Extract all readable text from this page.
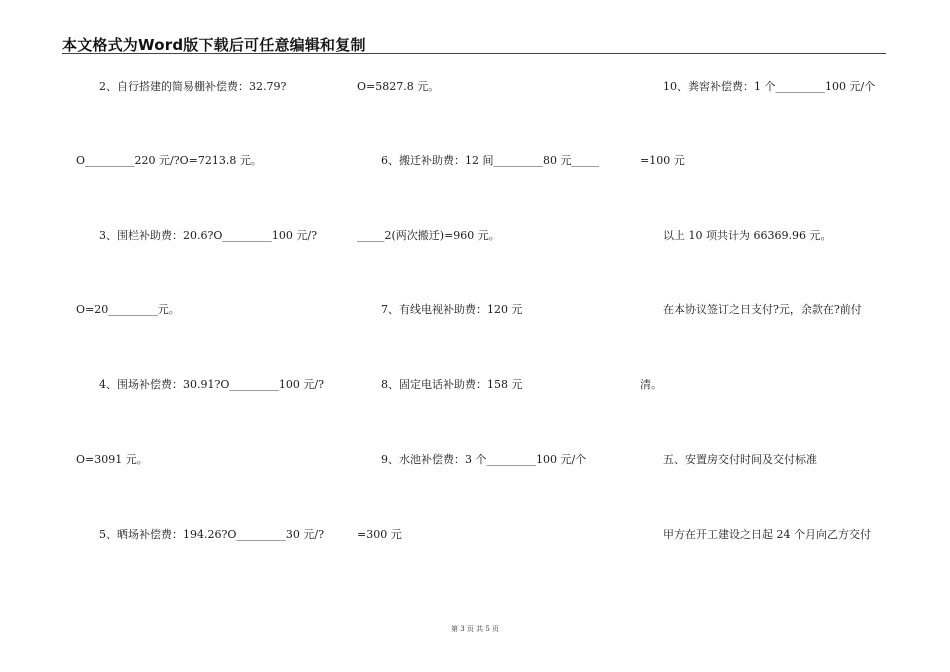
本文格式为Word版下载后可任意编辑和复制
2、自行搭建的简易棚补偿费：32.79?
O_________220 元/?O=7213.8 元。
3、围栏补助费：20.6?O_________100 元/?
O=20_________元。
4、围场补偿费：30.91?O_________100 元/?
O=3091 元。
5、晒场补偿费：194.26?O_________30 元/?
O=5827.8 元。
6、搬迁补助费：12 间_________80 元_____
_____2(两次搬迁)=960 元。
7、有线电视补助费：120 元
8、固定电话补助费：158 元
9、水池补偿费：3 个_________100 元/个
=300 元
10、粪窖补偿费：1 个_________100 元/个
=100 元
以上 10 项共计为 66369.96 元。
在本协议签订之日支付?元，余款在?前付
清。
五、安置房交付时间及交付标准
甲方在开工建设之日起 24 个月向乙方交付
第 3 页 共 5 页
